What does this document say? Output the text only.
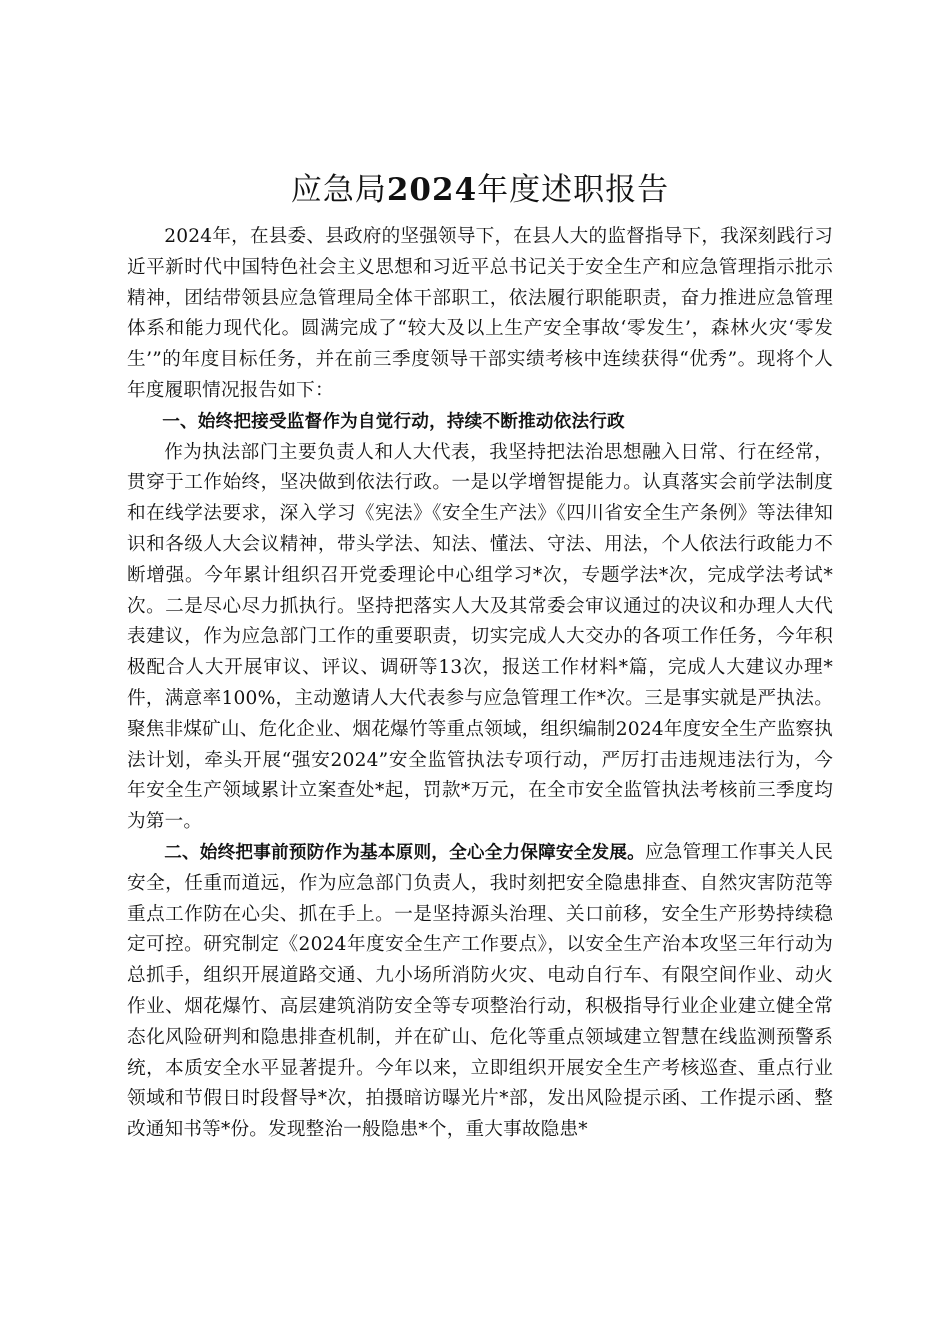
应急局2024年度述职报告

2024年，在县委、县政府的坚强领导下，在县人大的监督指导下，我深刻践行习近平新时代中国特色社会主义思想和习近平总书记关于安全生产和应急管理指示批示精神，团结带领县应急管理局全体干部职工，依法履行职能职责，奋力推进应急管理体系和能力现代化。圆满完成了“较大及以上生产安全事故‘零发生’，森林火灾‘零发生’”的年度目标任务，并在前三季度领导干部实绩考核中连续获得“优秀”。现将个人年度履职情况报告如下：

一、始终把接受监督作为自觉行动，持续不断推动依法行政

作为执法部门主要负责人和人大代表，我坚持把法治思想融入日常、行在经常，贯穿于工作始终，坚决做到依法行政。一是以学增智提能力。认真落实会前学法制度和在线学法要求，深入学习《宪法》《安全生产法》《四川省安全生产条例》等法律知识和各级人大会议精神，带头学法、知法、懂法、守法、用法，个人依法行政能力不断增强。今年累计组织召开党委理论中心组学习*次，专题学法*次，完成学法考试*次。二是尽心尽力抓执行。坚持把落实人大及其常委会审议通过的决议和办理人大代表建议，作为应急部门工作的重要职责，切实完成人大交办的各项工作任务，今年积极配合人大开展审议、评议、调研等13次，报送工作材料*篇，完成人大建议办理*件，满意率100%，主动邀请人大代表参与应急管理工作*次。三是事实就是严执法。聚焦非煤矿山、危化企业、烟花爆竹等重点领域，组织编制2024年度安全生产监察执法计划，牵头开展“强安2024”安全监管执法专项行动，严厉打击违规违法行为，今年安全生产领域累计立案查处*起，罚款*万元，在全市安全监管执法考核前三季度均为第一。

二、始终把事前预防作为基本原则，全心全力保障安全发展。应急管理工作事关人民安全，任重而道远，作为应急部门负责人，我时刻把安全隐患排查、自然灾害防范等重点工作防在心尖、抓在手上。一是坚持源头治理、关口前移，安全生产形势持续稳定可控。研究制定《2024年度安全生产工作要点》，以安全生产治本攻坚三年行动为总抓手，组织开展道路交通、九小场所消防火灾、电动自行车、有限空间作业、动火作业、烟花爆竹、高层建筑消防安全等专项整治行动，积极指导行业企业建立健全常态化风险研判和隐患排查机制，并在矿山、危化等重点领域建立智慧在线监测预警系统，本质安全水平显著提升。今年以来，立即组织开展安全生产考核巡查、重点行业领域和节假日时段督导*次，拍摄暗访曝光片*部，发出风险提示函、工作提示函、整改通知书等*份。发现整治一般隐患*个，重大事故隐患*
